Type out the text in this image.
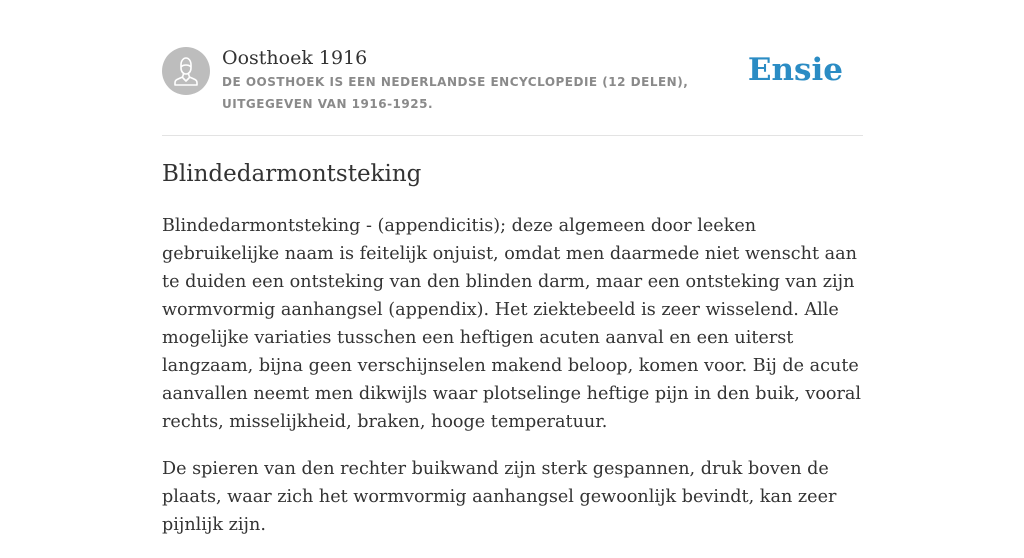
Oosthoek 1916

DE OOSTHOEK IS EEN NEDERLANDSE ENCYCLOPEDIE (12 DELEN), UITGEGEVEN VAN 1916-1925.

Ensie
Blindedarmontsteking

Blindedarmontsteking - (appendicitis); deze algemeen door leeken gebruikelijke naam is feitelijk onjuist, omdat men daarmede niet wenscht aan te duiden een ontsteking van den blinden darm, maar een ontsteking van zijn wormvormig aanhangsel (appendix). Het ziektebeeld is zeer wisselend. Alle mogelijke variaties tusschen een heftigen acuten aanval en een uiterst langzaam, bijna geen verschijnselen makend beloop, komen voor. Bij de acute aanvallen neemt men dikwijls waar plotselinge heftige pijn in den buik, vooral rechts, misselijkheid, braken, hooge temperatuur.

De spieren van den rechter buikwand zijn sterk gespannen, druk boven de plaats, waar zich het wormvormig aanhangsel gewoonlijk bevindt, kan zeer pijnlijk zijn.
